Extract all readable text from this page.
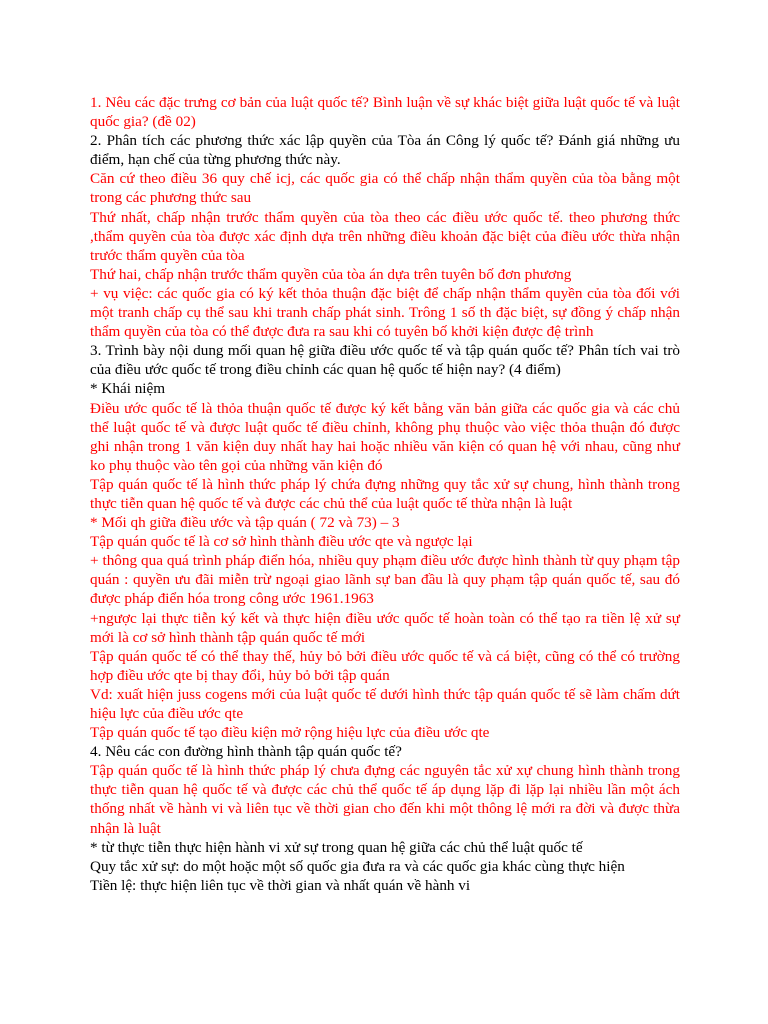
1. Nêu các đặc trưng cơ bản của luật quốc tế? Bình luận về sự khác biệt giữa luật quốc tế và luật quốc gia? (đề 02)

2. Phân tích các phương thức xác lập quyền của Tòa án Công lý quốc tế? Đánh giá những ưu điểm, hạn chế của từng phương thức này.

Căn cứ theo điều 36 quy chế icj, các quốc gia có thể chấp nhận thẩm quyền của tòa bằng một trong các phương thức sau

Thứ nhất, chấp nhận trước thẩm quyền của tòa theo các điều ước quốc tế. theo phương thức ,thẩm quyền của tòa được xác định dựa trên những điều khoản đặc biệt của điều ước thừa nhận trước thẩm quyền của tòa

Thứ hai, chấp nhận trước thẩm quyền của tòa án dựa trên tuyên bố đơn phương

+ vụ việc: các quốc gia có ký kết thỏa thuận đặc biệt để chấp nhận thẩm quyền của tòa đối với một tranh chấp cụ thể sau khi tranh chấp phát sinh. Trông 1 số th đặc biệt, sự đồng ý chấp nhận thẩm quyền của tòa có thể được đưa ra sau khi có tuyên bố khởi kiện được đệ trình

3. Trình bày nội dung mối quan hệ giữa điều ước quốc tế và tập quán quốc tế? Phân tích vai trò của điều ước quốc tế trong điều chỉnh các quan hệ quốc tế hiện nay? (4 điểm)

* Khái niệm

Điều ước quốc tế là thỏa thuận quốc tế được ký kết bằng văn bản giữa các quốc gia và các chủ thể luật quốc tế và được luật quốc tế điều chỉnh, không phụ thuộc vào việc thỏa thuận đó được ghi nhận trong 1 văn kiện duy nhất hay hai hoặc nhiều văn kiện có quan hệ với nhau, cũng như ko phụ thuộc vào tên gọi của những văn kiện đó

Tập quán quốc tế là hình thức pháp lý chứa đựng những quy tắc xử sự chung, hình thành trong thực tiễn quan hệ quốc tế và được các chủ thể của luật quốc tế thừa nhận là luật

* Mối qh giữa điều ước và tập quán ( 72 và 73) – 3

Tập quán quốc tế là cơ sở hình thành điều ước qte và ngược lại

+ thông qua quá trình pháp điển hóa, nhiều quy phạm điều ước được hình thành từ quy phạm tập quán : quyền ưu đãi miễn trừ ngoại giao lãnh sự ban đầu là quy phạm tập quán quốc tế, sau đó được pháp điển hóa trong công ước 1961.1963

+ngược lại thực tiễn ký kết và thực hiện điều ước quốc tế hoàn toàn có thể tạo ra tiền lệ xử sự mới là cơ sở hình thành tập quán quốc tế mới

Tập quán quốc tế có thể thay thế, hủy bỏ bởi điều ước quốc tế và cá biệt, cũng có thể có trường hợp điều ước qte bị thay đổi, hủy bỏ bởi tập quán

Vd: xuất hiện juss cogens mới của luật quốc tế dưới hình thức tập quán quốc tế sẽ làm chấm dứt hiệu lực của điều ước qte

Tập quán quốc tế tạo điều kiện mở rộng hiệu lực của điều ước qte

4. Nêu các con đường hình thành tập quán quốc tế?

Tập quán quốc tế là hình thức pháp lý chưa đựng các nguyên tắc xử xự chung hình thành trong thực tiễn quan hệ quốc tế và được các chủ thể quốc tế áp dụng lặp đi lặp lại nhiều lần một ách thống nhất về hành vi và liên tục về thời gian cho đến khi một thông lệ mới ra đời và được thừa nhận là luật

* từ thực tiễn thực hiện hành vi xử sự trong quan hệ giữa các chủ thể luật quốc tế

Quy tắc xử sự: do một hoặc một số quốc gia đưa ra và các quốc gia khác cùng thực hiện

Tiền lệ: thực hiện liên tục về thời gian và nhất quán về hành vi
